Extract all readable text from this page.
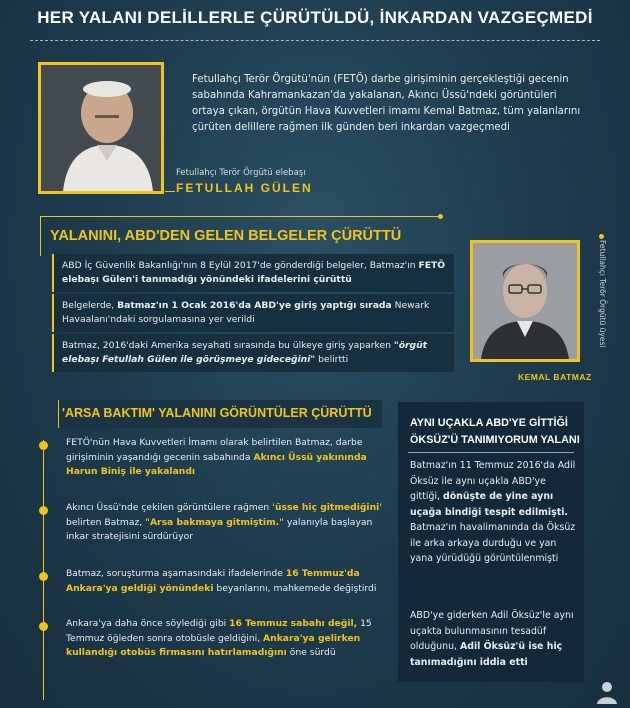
HER YALANI DELİLLERLE ÇÜRÜTÜLDÜ, İNKARDAN VAZGEÇMEDİ
Fetullahçı Terör Örgütü'nün (FETÖ) darbe girişiminin gerçekleştiği gecenin sabahında Kahramankazan'da yakalanan, Akıncı Üssü'ndeki görüntüleri ortaya çıkan, örgütün Hava Kuvvetleri imamı Kemal Batmaz, tüm yalanlarını çürüten delillere rağmen ilk günden beri inkardan vazgeçmedi
Fetullahçı Terör Örgütü elebaşı
FETULLAH GÜLEN
YALANINI, ABD'DEN GELEN BELGELER ÇÜRÜTTÜ
ABD İç Güvenlik Bakanlığı'nın 8 Eylül 2017'de gönderdiği belgeler, Batmaz'ın FETÖ elebaşı Gülen'i tanımadığı yönündeki ifadelerini çürüttü
Belgelerde, Batmaz'ın 1 Ocak 2016'da ABD'ye giriş yaptığı sırada Newark Havaalanı'ndaki sorgulamasına yer verildi
Batmaz, 2016'daki Amerika seyahati sırasında bu ülkeye giriş yaparken "örgüt elebaşı Fetullah Gülen ile görüşmeye gideceğini" belirtti
Fetullahçı Terör Örgütü üyesi
KEMAL BATMAZ
'ARSA BAKTIM' YALANINI GÖRÜNTÜLER ÇÜRÜTTÜ
FETÖ'nün Hava Kuvvetleri İmamı olarak belirtilen Batmaz, darbe girişiminin yaşandığı gecenin sabahında Akıncı Üssü yakınında Harun Biniş ile yakalandı
Akıncı Üssü'nde çekilen görüntülere rağmen 'üsse hiç gitmediğini' belirten Batmaz, "Arsa bakmaya gitmiştim." yalanıyla başlayan inkar stratejisini sürdürüyor
Batmaz, soruşturma aşamasındaki ifadelerinde 16 Temmuz'da Ankara'ya geldiği yönündeki beyanlarını, mahkemede değiştirdi
Ankara'ya daha önce söylediği gibi 16 Temmuz sabahı değil, 15 Temmuz öğleden sonra otobüsle geldiğini, Ankara'ya gelirken kullandığı otobüs firmasını hatırlamadığını öne sürdü
AYNI UÇAKLA ABD'YE GİTTİĞİ ÖKSÜZ'Ü TANIMIYORUM YALANI
Batmaz'ın 11 Temmuz 2016'da Adil Öksüz ile aynı uçakla ABD'ye gittiği, dönüşte de yine aynı uçağa bindiği tespit edilmişti. Batmaz'ın havalimanında da Öksüz ile arka arkaya durduğu ve yan yana yürüdüğü görüntülenmişti
ABD'ye giderken Adil Öksüz'le aynı uçakta bulunmasının tesadüf olduğunu, Adil Öksüz'ü ise hiç tanımadığını iddia etti
